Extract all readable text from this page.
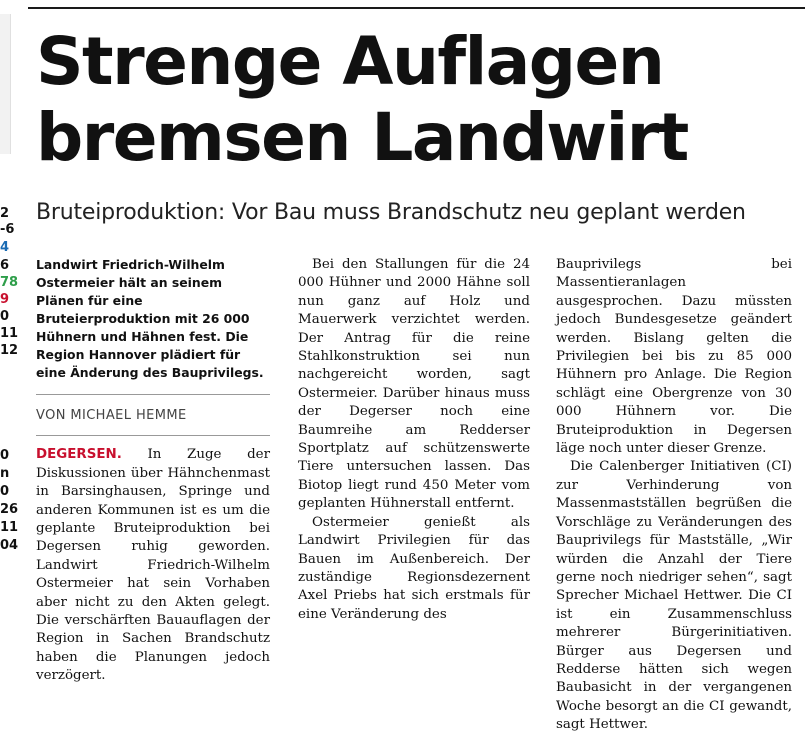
2
-6
4
6
78
9
0
11
12
0
n
0
26
11
04
Strenge Auflagen
bremsen Landwirt
Bruteiproduktion: Vor Bau muss Brandschutz neu geplant werden

Landwirt Friedrich-Wilhelm Ostermeier hält an seinem Plänen für eine Bruteierproduktion mit 26 000 Hühnern und Hähnen fest. Die Region Hannover plädiert für eine Änderung des Bauprivilegs.

VON MICHAEL HEMME

DEGERSEN. In Zuge der Diskussionen über Hähnchenmast in Barsinghausen, Springe und anderen Kommunen ist es um die geplante Bruteiproduktion bei Degersen ruhig geworden. Landwirt Friedrich-Wilhelm Ostermeier hat sein Vorhaben aber nicht zu den Akten gelegt. Die verschärften Bauauflagen der Region in Sachen Brandschutz haben die Planungen jedoch verzögert.

Bei den Stallungen für die 24 000 Hühner und 2000 Hähne soll nun ganz auf Holz und Mauerwerk verzichtet werden. Der Antrag für die reine Stahlkonstruktion sei nun nachgereicht worden, sagt Ostermeier. Darüber hinaus muss der Degerser noch eine Baumreihe am Redderser Sportplatz auf schützenswerte Tiere untersuchen lassen. Das Biotop liegt rund 450 Meter vom geplanten Hühnerstall entfernt.

Ostermeier genießt als Landwirt Privilegien für das Bauen im Außenbereich. Der zuständige Regionsdezernent Axel Priebs hat sich erstmals für eine Veränderung des

Bauprivilegs bei Massentieranlagen ausgesprochen. Dazu müssten jedoch Bundesgesetze geändert werden. Bislang gelten die Privilegien bei bis zu 85 000 Hühnern pro Anlage. Die Region schlägt eine Obergrenze von 30 000 Hühnern vor. Die Bruteiproduktion in Degersen läge noch unter dieser Grenze.

Die Calenberger Initiativen (CI) zur Verhinderung von Massenmastställen begrüßen die Vorschläge zu Veränderungen des Bauprivilegs für Mastställe, „Wir würden die Anzahl der Tiere gerne noch niedriger sehen“, sagt Sprecher Michael Hettwer. Die CI ist ein Zusammenschluss mehrerer Bürgerinitiativen. Bürger aus Degersen und Redderse hätten sich wegen Baubasicht in der vergangenen Woche besorgt an die CI gewandt, sagt Hettwer.
